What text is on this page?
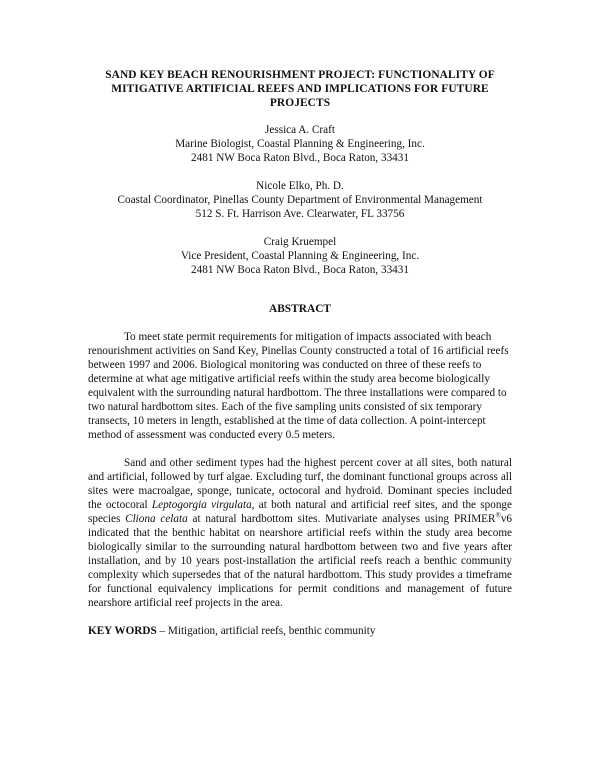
SAND KEY BEACH RENOURISHMENT PROJECT: FUNCTIONALITY OF MITIGATIVE ARTIFICIAL REEFS AND IMPLICATIONS FOR FUTURE PROJECTS
Jessica A. Craft
Marine Biologist, Coastal Planning & Engineering, Inc.
2481 NW Boca Raton Blvd., Boca Raton, 33431
Nicole Elko, Ph. D.
Coastal Coordinator, Pinellas County Department of Environmental Management
512 S. Ft. Harrison Ave. Clearwater, FL 33756
Craig Kruempel
Vice President, Coastal Planning & Engineering, Inc.
2481 NW Boca Raton Blvd., Boca Raton, 33431
ABSTRACT

To meet state permit requirements for mitigation of impacts associated with beach renourishment activities on Sand Key, Pinellas County constructed a total of 16 artificial reefs between 1997 and 2006. Biological monitoring was conducted on three of these reefs to determine at what age mitigative artificial reefs within the study area become biologically equivalent with the surrounding natural hardbottom. The three installations were compared to two natural hardbottom sites. Each of the five sampling units consisted of six temporary transects, 10 meters in length, established at the time of data collection. A point-intercept method of assessment was conducted every 0.5 meters.

Sand and other sediment types had the highest percent cover at all sites, both natural and artificial, followed by turf algae. Excluding turf, the dominant functional groups across all sites were macroalgae, sponge, tunicate, octocoral and hydroid. Dominant species included the octocoral Leptogorgia virgulata, at both natural and artificial reef sites, and the sponge species Cliona celata at natural hardbottom sites. Mutivariate analyses using PRIMER®v6 indicated that the benthic habitat on nearshore artificial reefs within the study area become biologically similar to the surrounding natural hardbottom between two and five years after installation, and by 10 years post-installation the artificial reefs reach a benthic community complexity which supersedes that of the natural hardbottom. This study provides a timeframe for functional equivalency implications for permit conditions and management of future nearshore artificial reef projects in the area.

KEY WORDS – Mitigation, artificial reefs, benthic community
